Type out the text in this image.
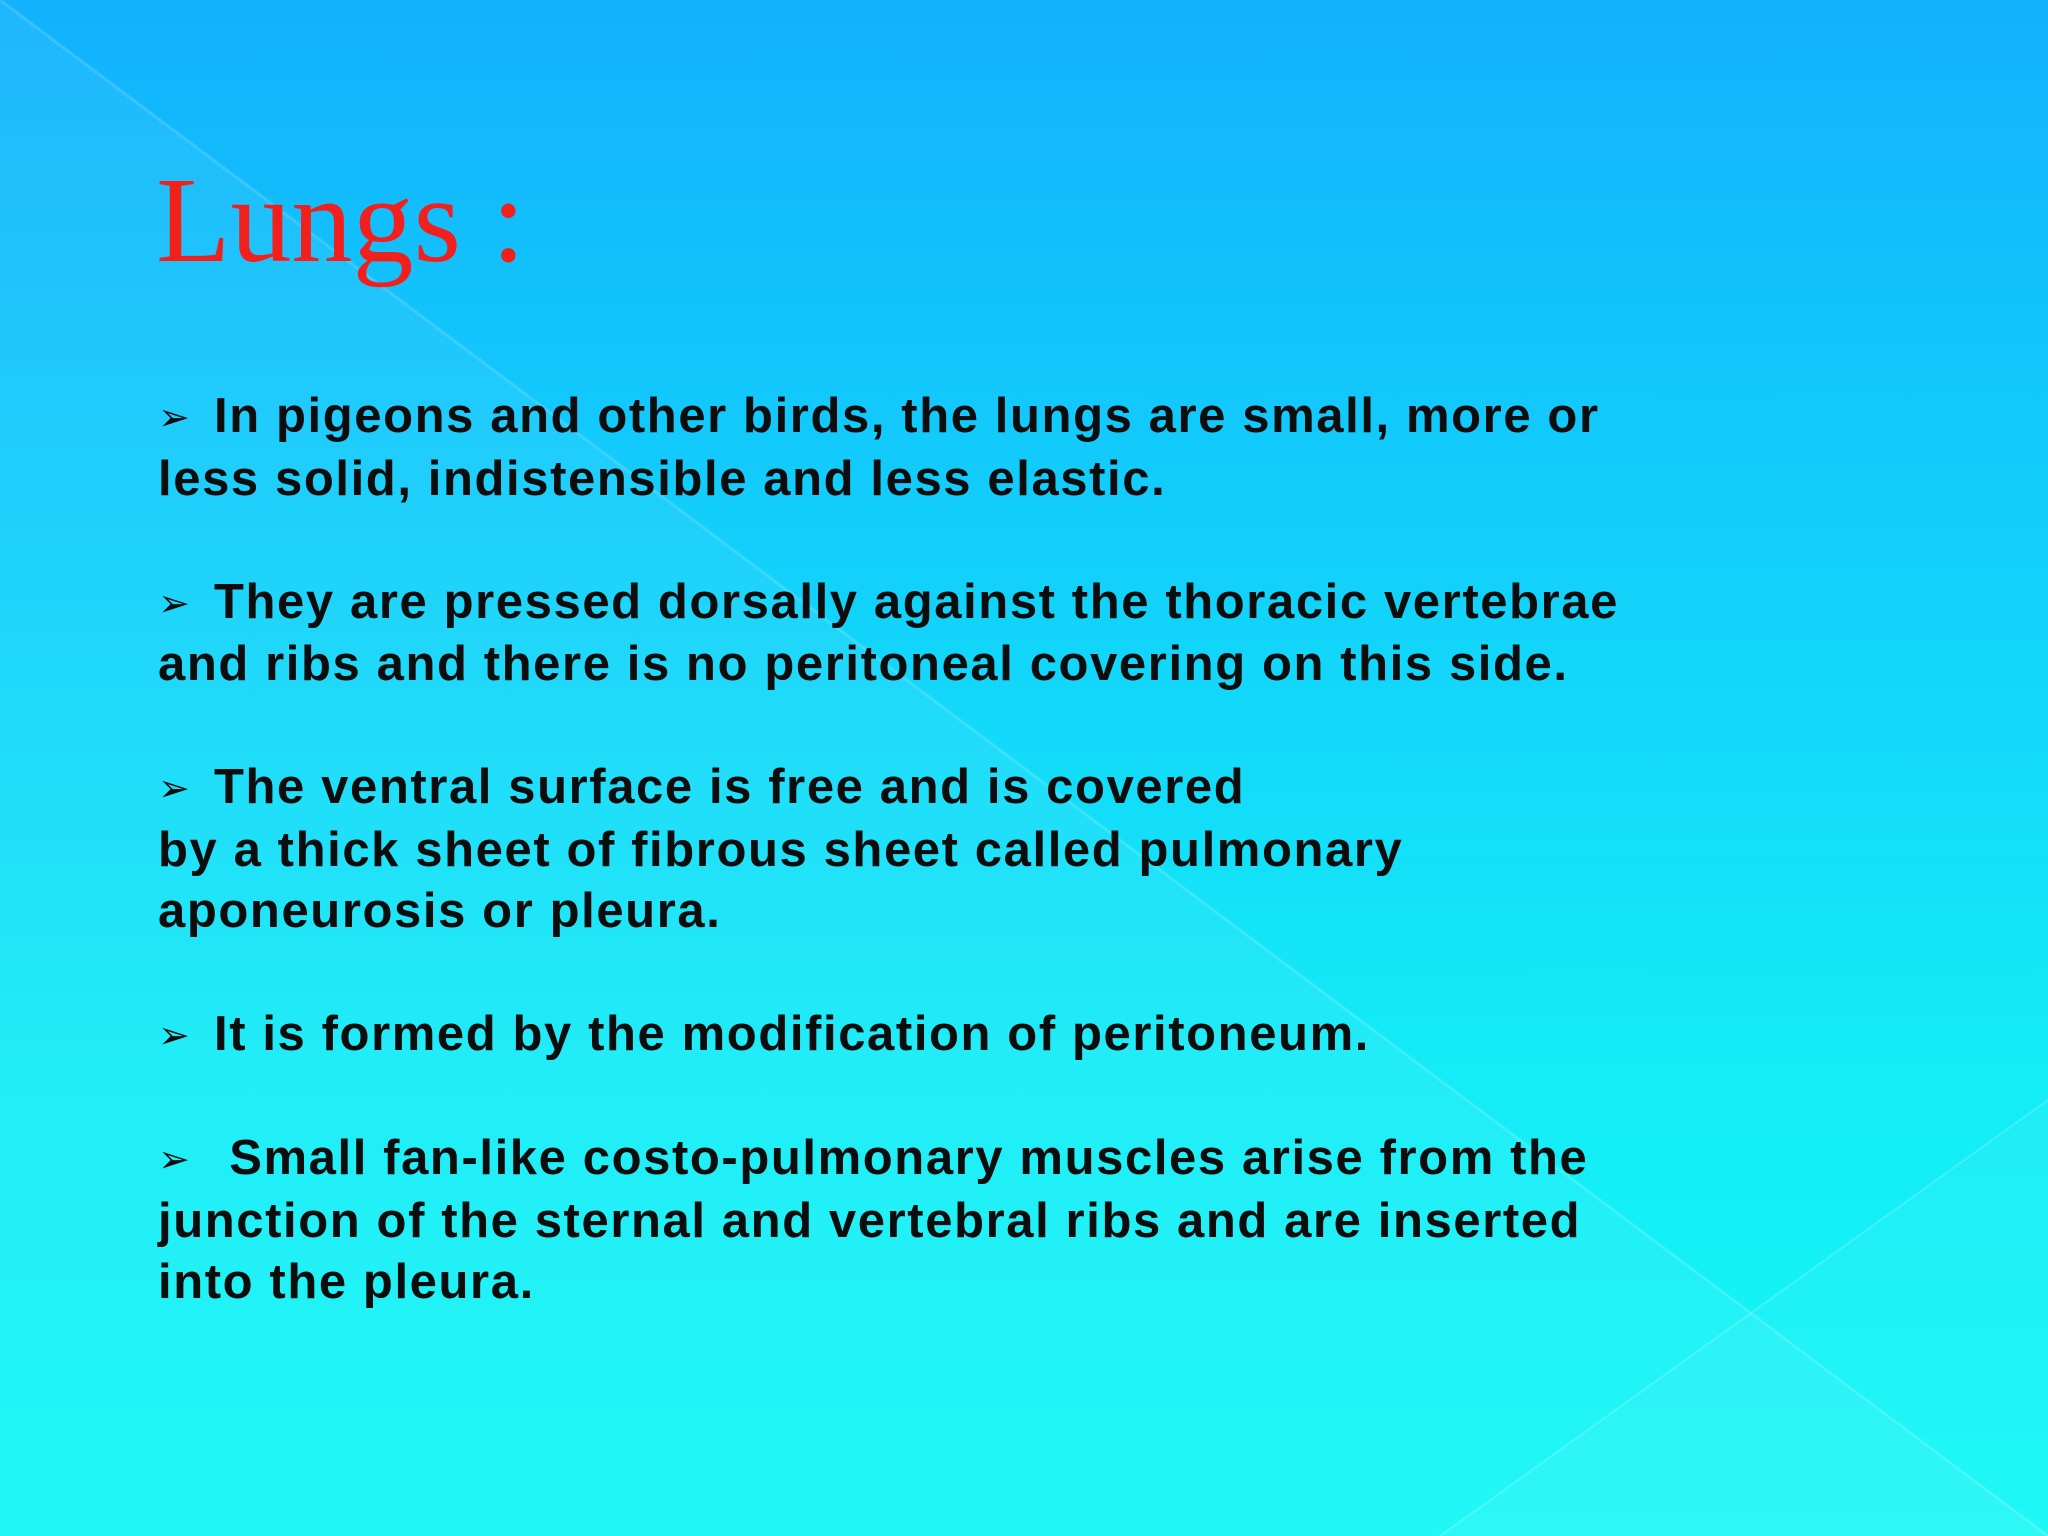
Lungs :
➢ In pigeons and other birds, the lungs are small, more or
less solid, indistensible and less elastic.
➢ They are pressed dorsally against the thoracic vertebrae
and ribs and there is no peritoneal covering on this side.
➢ The ventral surface is free and is covered
by a thick sheet of fibrous sheet called pulmonary
aponeurosis or pleura.
➢ It is formed by the modification of peritoneum.
➢ Small fan-like costo-pulmonary muscles arise from the
junction of the sternal and vertebral ribs and are inserted
into the pleura.
